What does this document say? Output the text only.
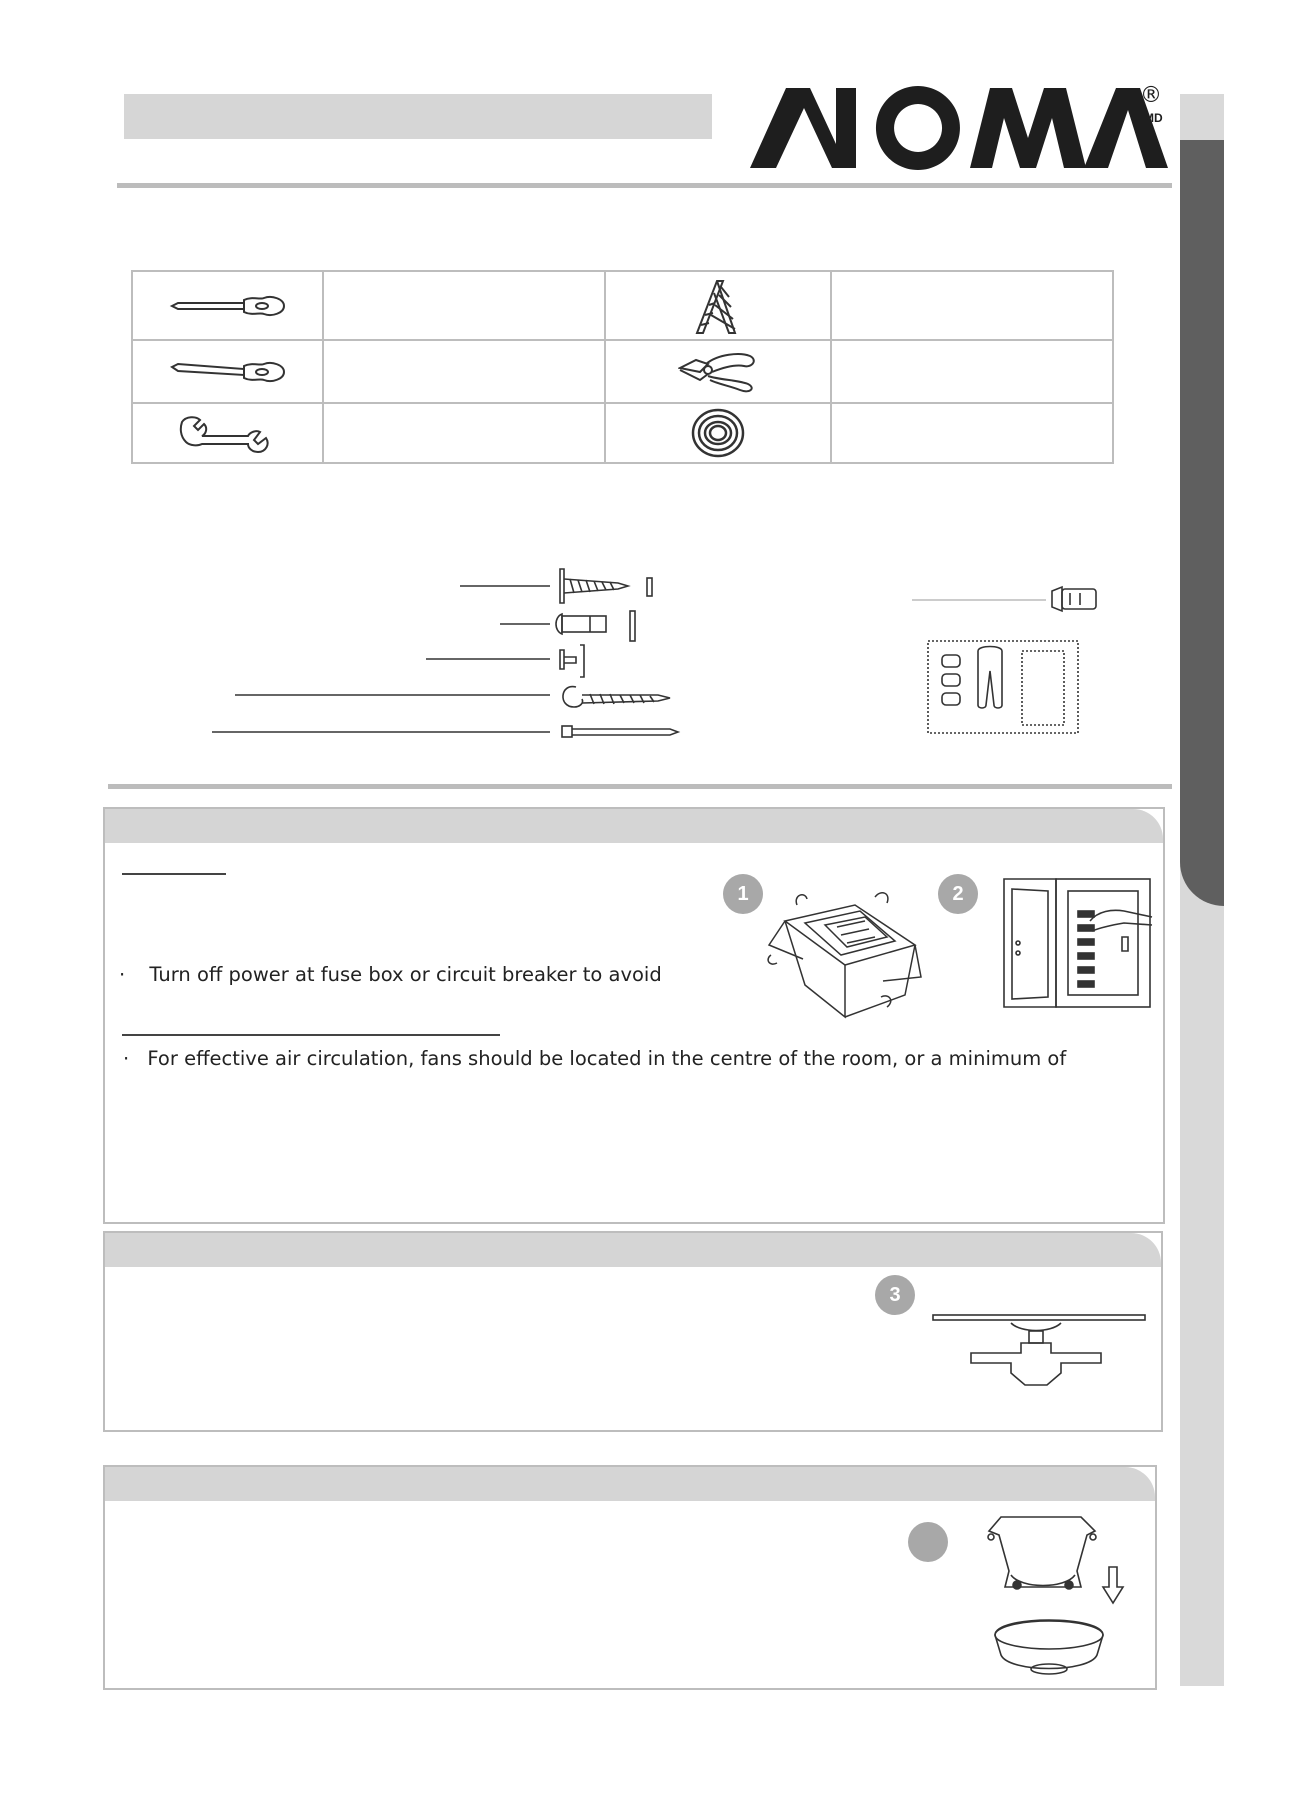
®
MD

· Turn off power at fuse box or circuit breaker to avoid
· For effective air circulation, fans should be located in the centre of the room, or a minimum of
1	2
3
